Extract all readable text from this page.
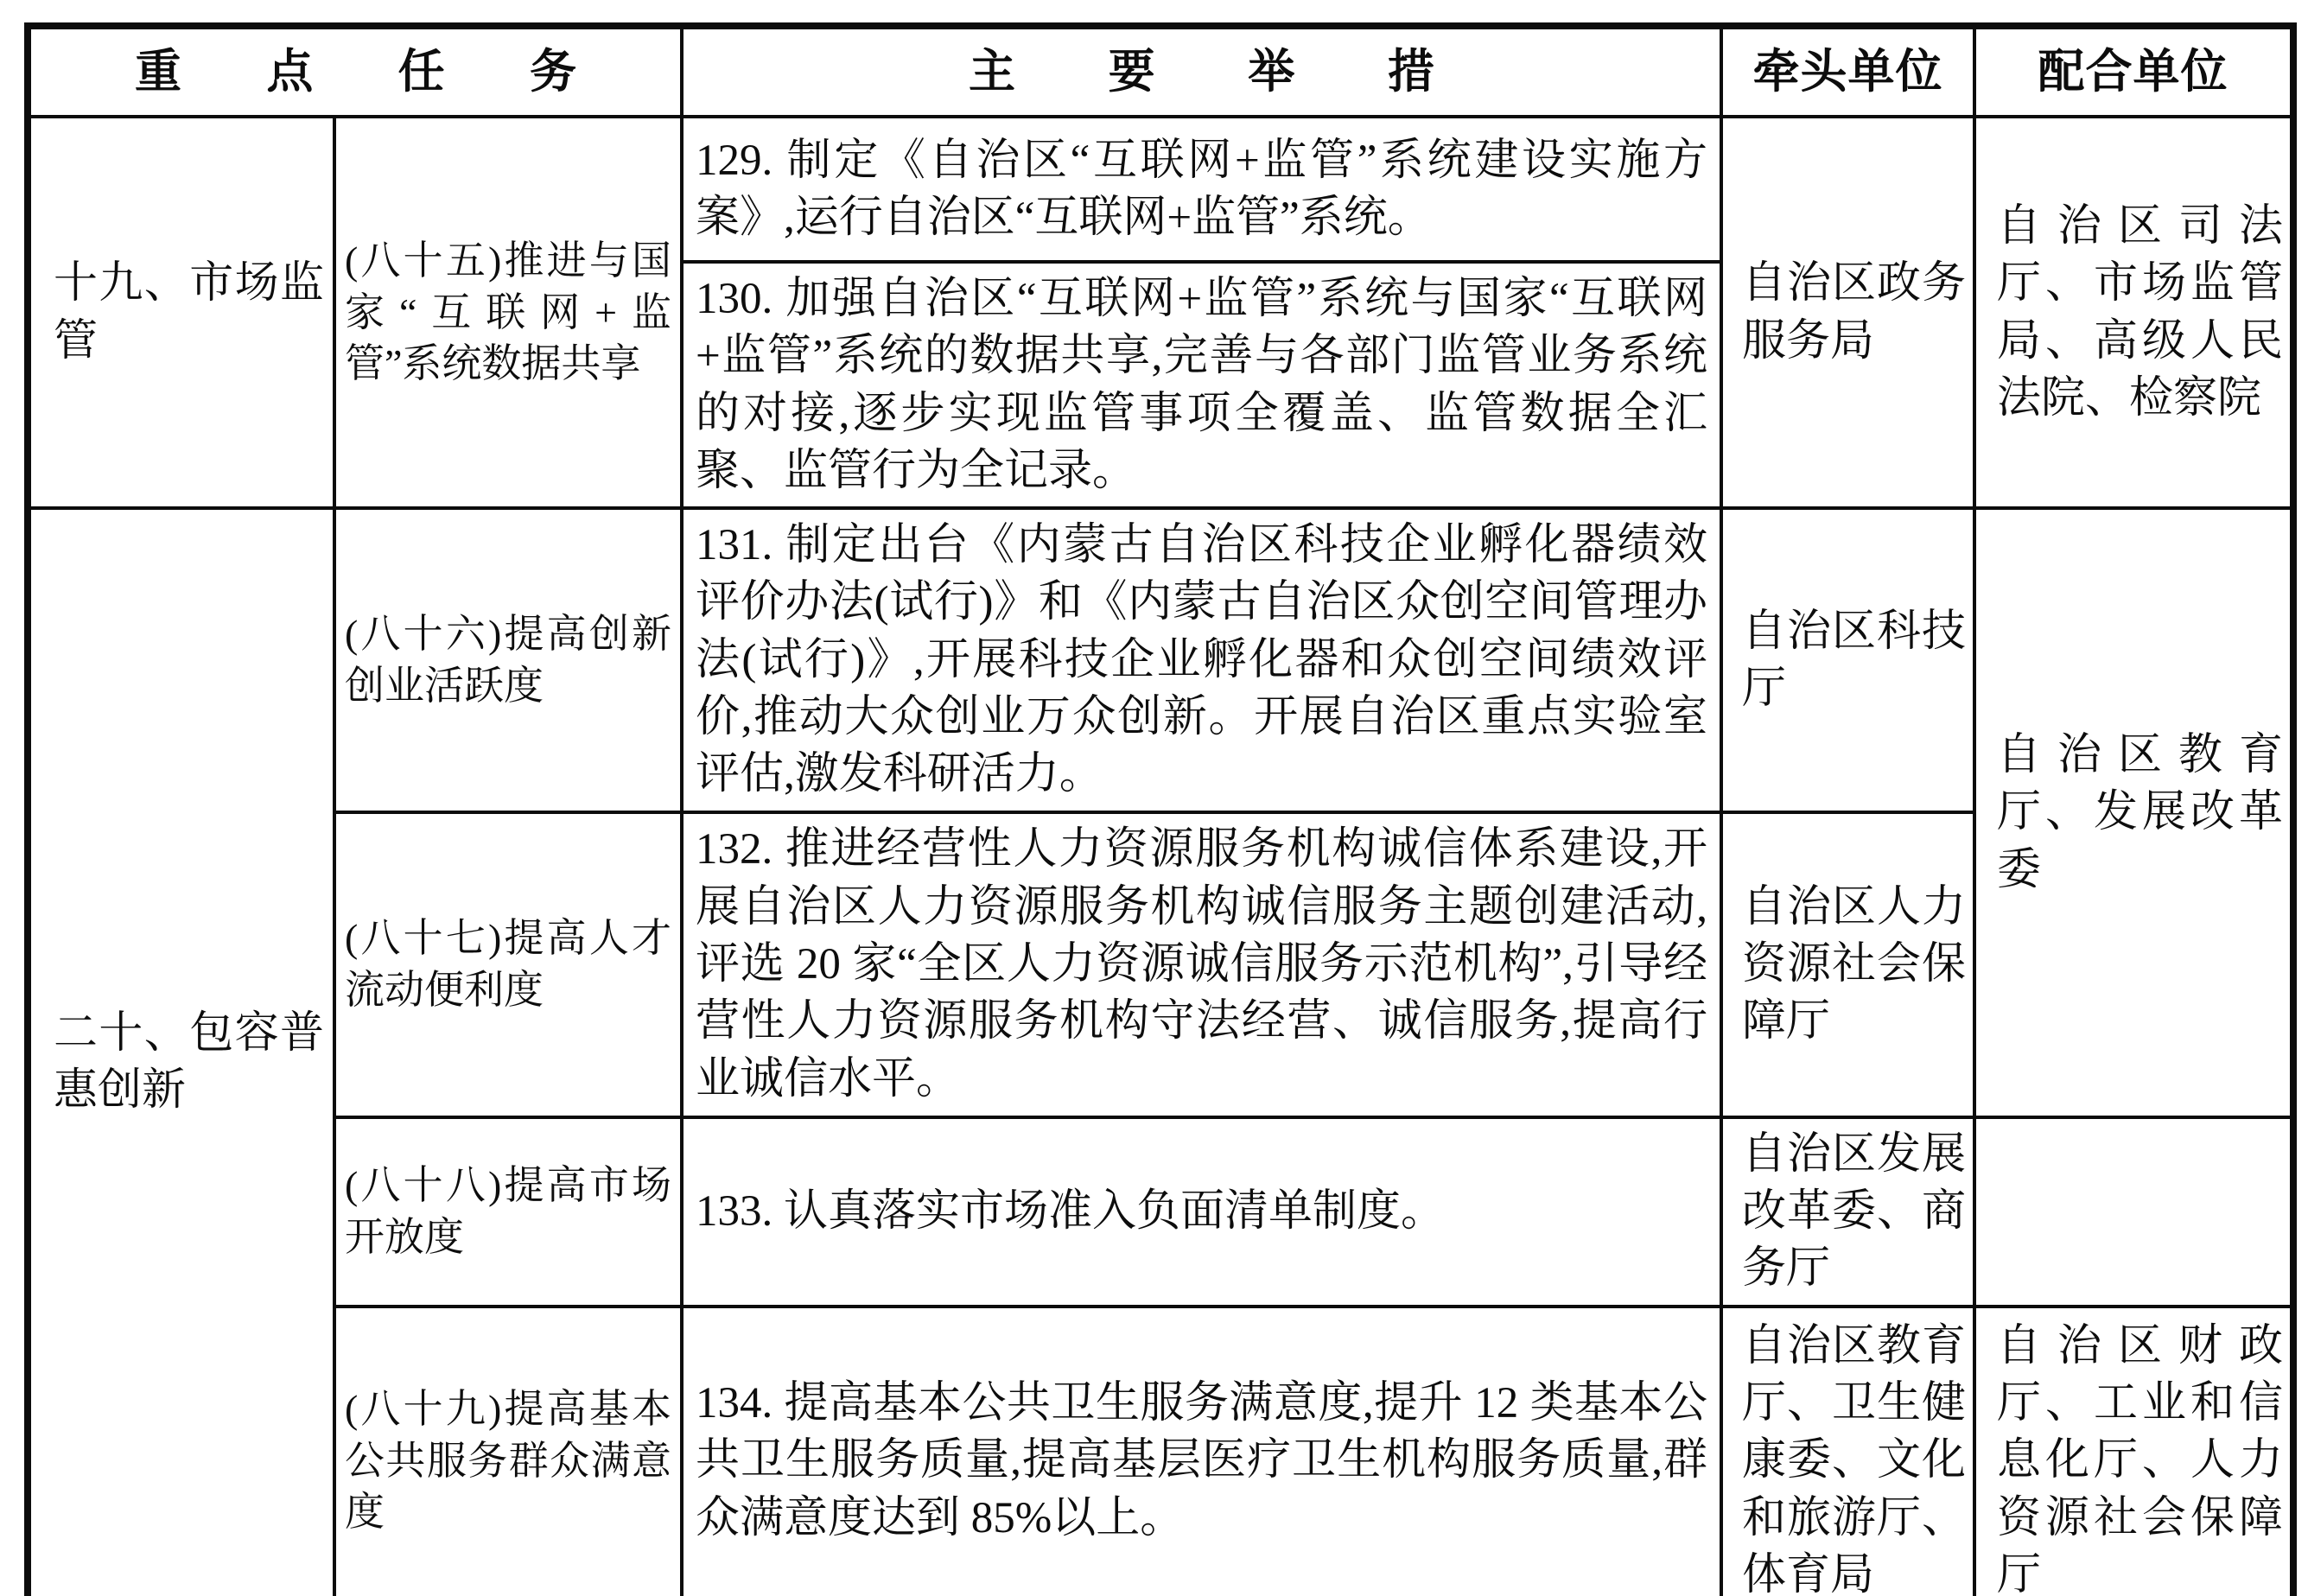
重点任务		主要举措	牵头单位	配合单位
十九、市场监管	(八十五)推进与国家“互联网+监管”系统数据共享	129. 制定《自治区“互联网+监管”系统建设实施方案》,运行自治区“互联网+监管”系统。	自治区政务服务局	自治区司法厅、市场监管局、高级人民法院、检察院
		130. 加强自治区“互联网+监管”系统与国家“互联网+监管”系统的数据共享,完善与各部门监管业务系统的对接,逐步实现监管事项全覆盖、监管数据全汇聚、监管行为全记录。		
二十、包容普惠创新	(八十六)提高创新创业活跃度	131. 制定出台《内蒙古自治区科技企业孵化器绩效评价办法(试行)》和《内蒙古自治区众创空间管理办法(试行)》,开展科技企业孵化器和众创空间绩效评价,推动大众创业万众创新。开展自治区重点实验室评估,激发科研活力。	自治区科技厅	自治区教育厅、发展改革委
	(八十七)提高人才流动便利度	132. 推进经营性人力资源服务机构诚信体系建设,开展自治区人力资源服务机构诚信服务主题创建活动,评选 20 家“全区人力资源诚信服务示范机构”,引导经营性人力资源服务机构守法经营、诚信服务,提高行业诚信水平。	自治区人力资源社会保障厅	
	(八十八)提高市场开放度	133. 认真落实市场准入负面清单制度。	自治区发展改革委、商务厅	
	(八十九)提高基本公共服务群众满意度	134. 提高基本公共卫生服务满意度,提升 12 类基本公共卫生服务质量,提高基层医疗卫生机构服务质量,群众满意度达到 85%以上。	自治区教育厅、卫生健康委、文化和旅游厅、体育局	自治区财政厅、工业和信息化厅、人力资源社会保障厅
